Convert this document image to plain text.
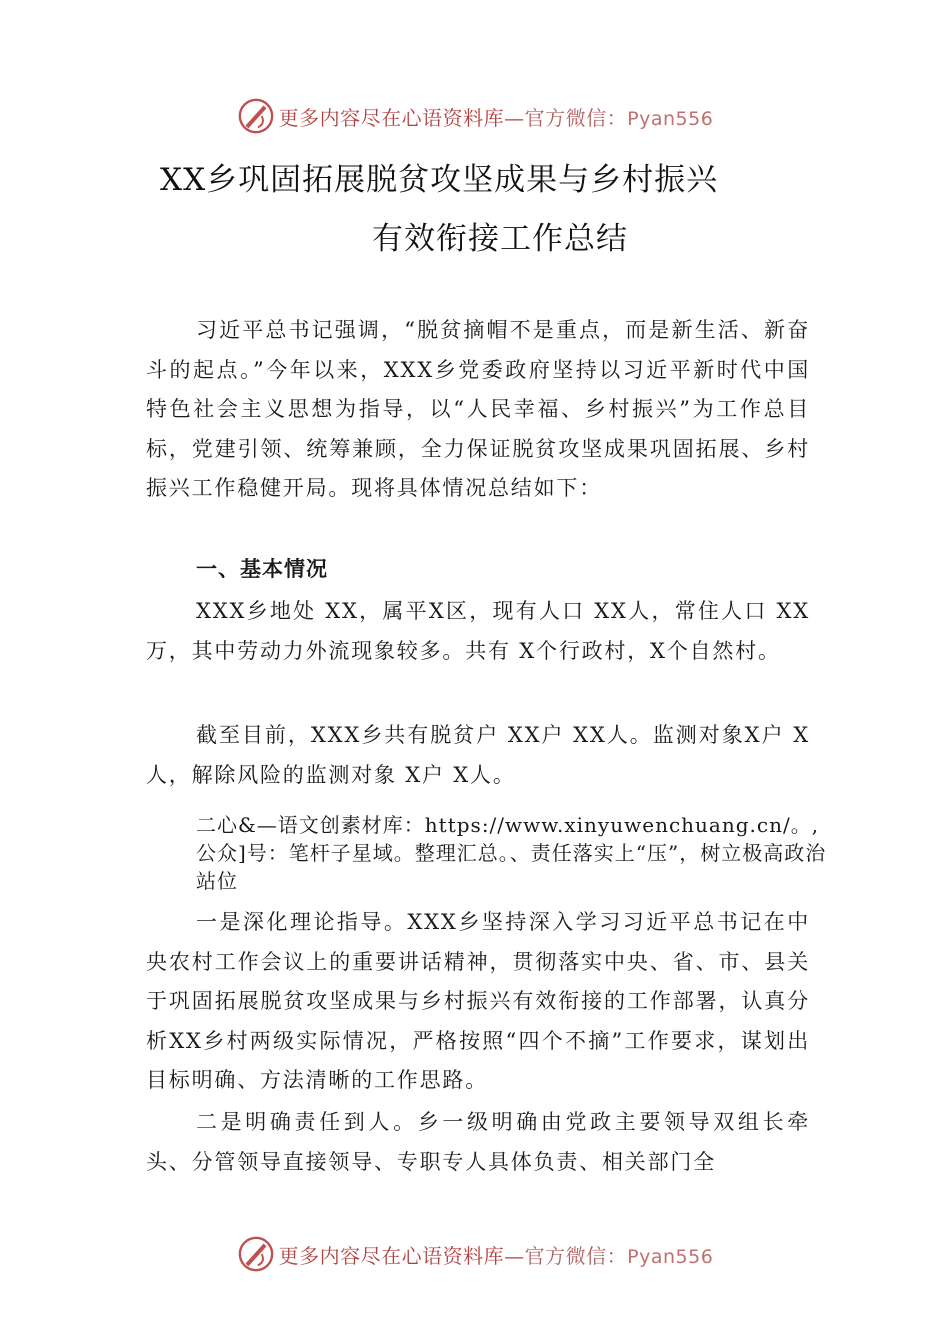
更多内容尽在心语资料库—官方微信：Pyan556
XX乡巩固拓展脱贫攻坚成果与乡村振兴
有效衔接工作总结

习近平总书记强调，“脱贫摘帽不是重点，而是新生活、新奋斗的起点。”今年以来，XXX乡党委政府坚持以习近平新时代中国特色社会主义思想为指导，以“人民幸福、乡村振兴”为工作总目标，党建引领、统筹兼顾，全力保证脱贫攻坚成果巩固拓展、乡村振兴工作稳健开局。现将具体情况总结如下：

一、基本情况

XXX乡地处 XX，属平X区，现有人口 XX人，常住人口 XX万，其中劳动力外流现象较多。共有 X个行政村，X个自然村。

截至目前，XXX乡共有脱贫户 XX户 XX人。监测对象X户 X人，解除风险的监测对象 X户 X人。

二心&—语文创素材库：https://www.xinyuwenchuang.cn/。,公众]号：笔杆子星域。整理汇总。、责任落实上“压”，树立极高政治站位

一是深化理论指导。XXX乡坚持深入学习习近平总书记在中央农村工作会议上的重要讲话精神，贯彻落实中央、省、市、县关于巩固拓展脱贫攻坚成果与乡村振兴有效衔接的工作部署，认真分析XX乡村两级实际情况，严格按照“四个不摘”工作要求，谋划出目标明确、方法清晰的工作思路。

二是明确责任到人。乡一级明确由党政主要领导双组长牵头、分管领导直接领导、专职专人具体负责、相关部门全

更多内容尽在心语资料库—官方微信：Pyan556
